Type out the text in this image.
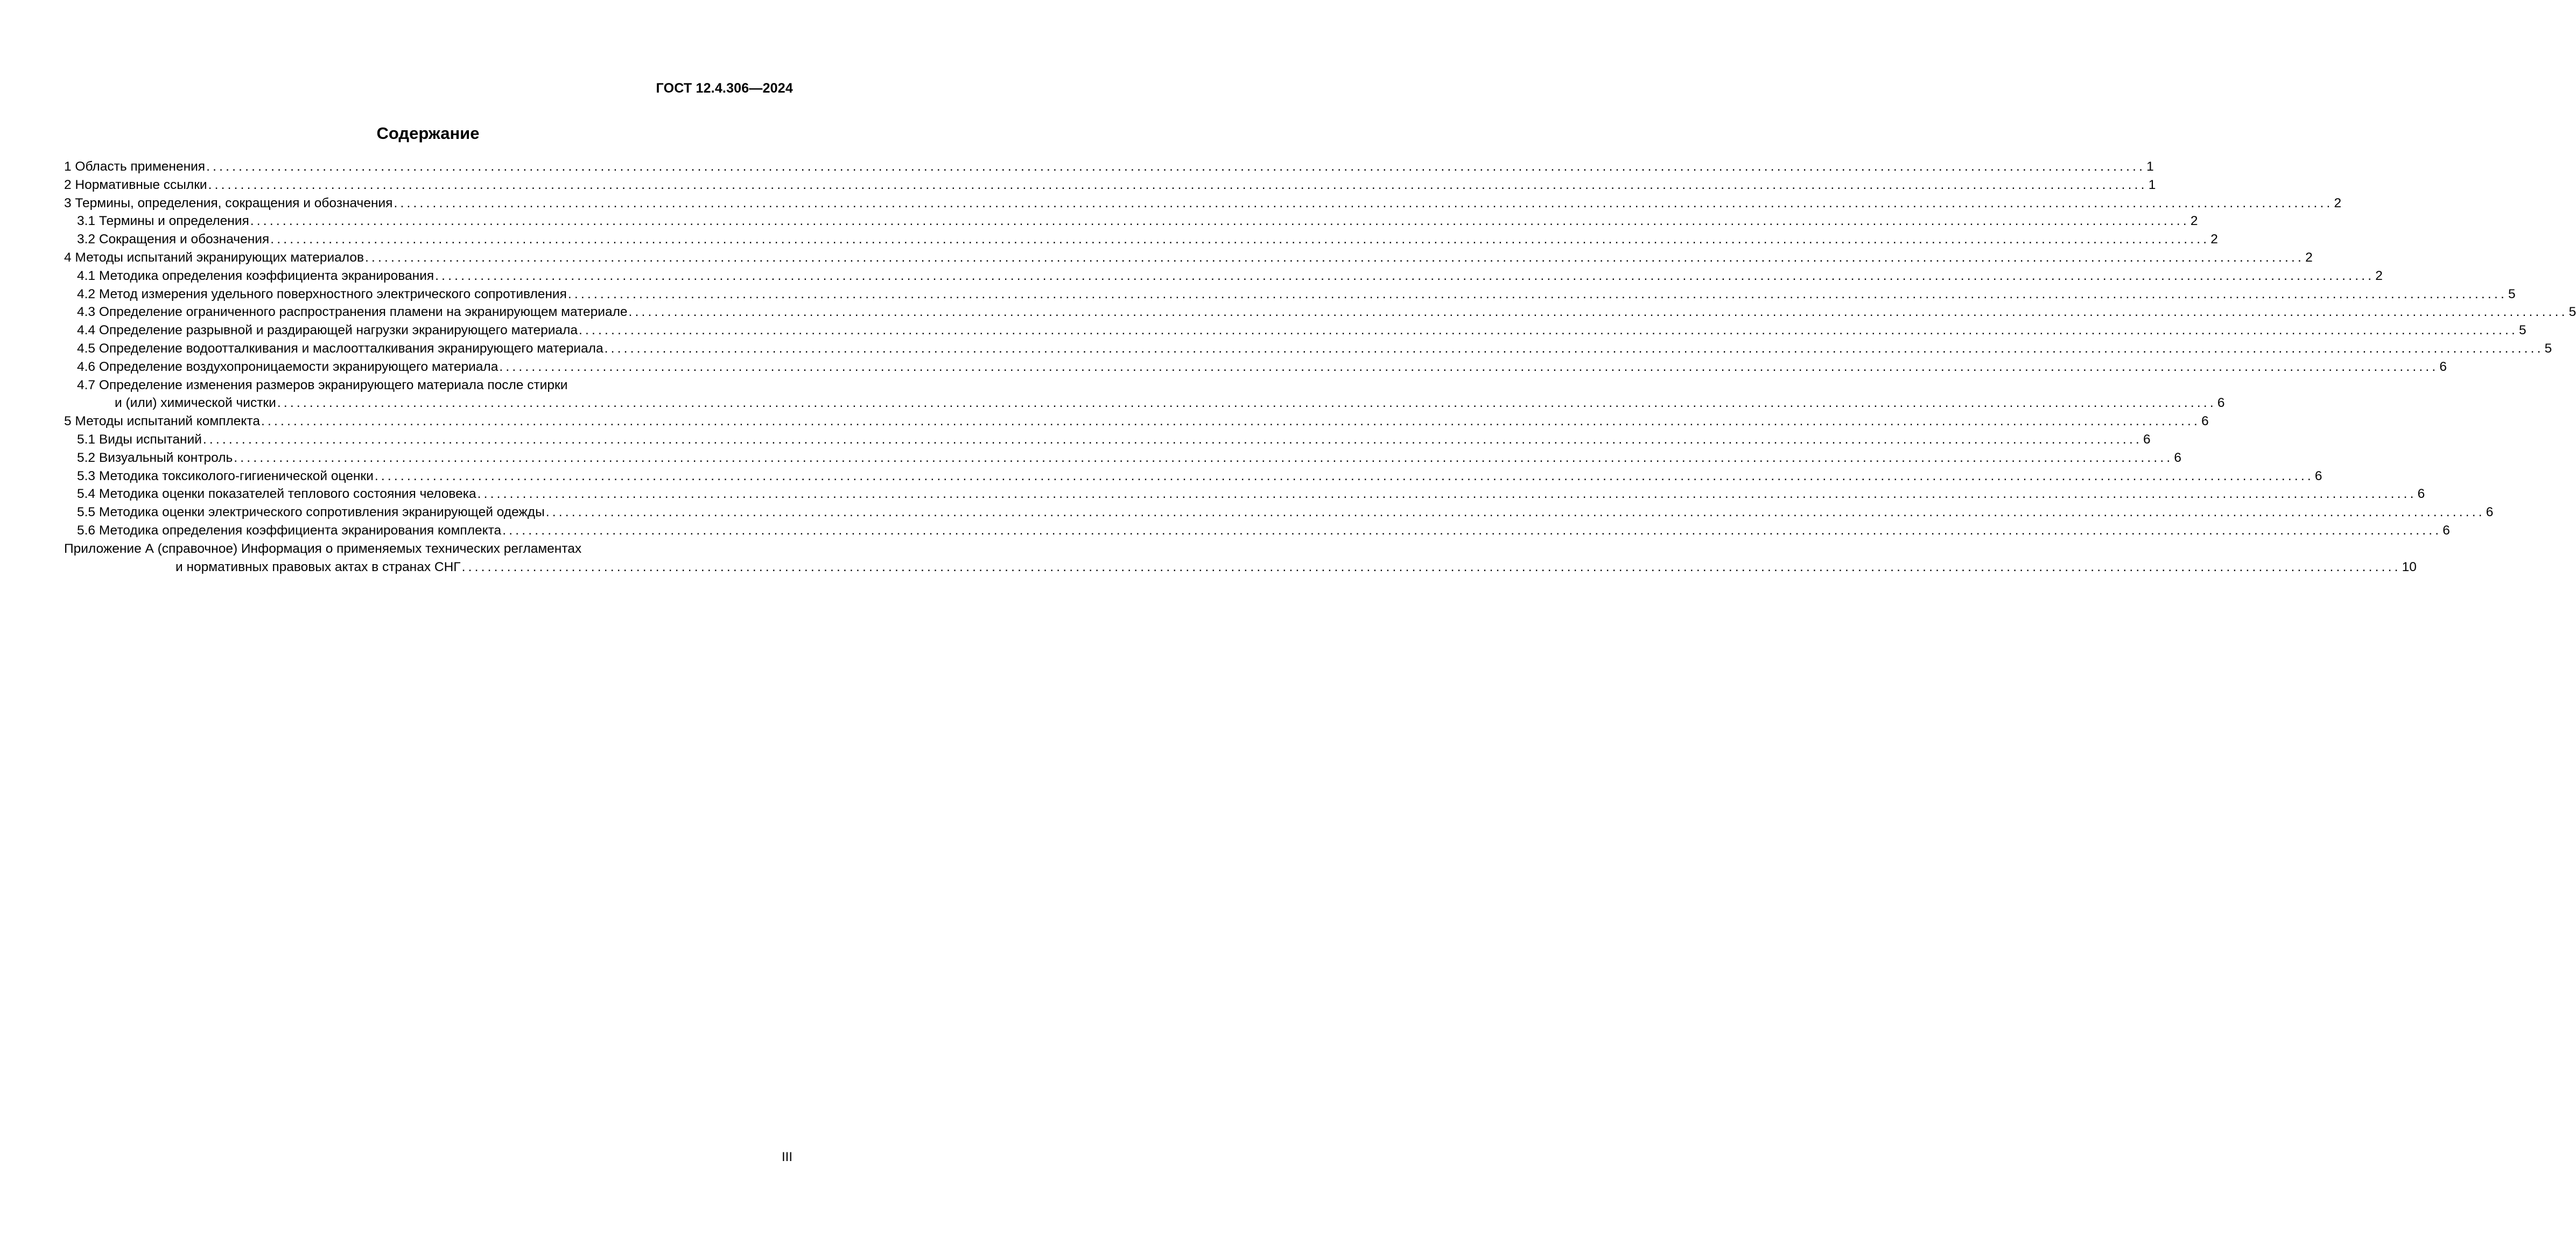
ГОСТ 12.4.306—2024
Содержание
1 Область применения ............................................................................................................................................................................................................................................................................................................ 1
2 Нормативные ссылки ............................................................................................................................................................................................................................................................................................................ 1
3 Термины, определения, сокращения и обозначения ............................................................................................................................................................................................................................................................................................................ 2
3.1 Термины и определения ............................................................................................................................................................................................................................................................................................................ 2
3.2 Сокращения и обозначения ............................................................................................................................................................................................................................................................................................................ 2
4 Методы испытаний экранирующих материалов ............................................................................................................................................................................................................................................................................................................ 2
4.1 Методика определения коэффициента экранирования ............................................................................................................................................................................................................................................................................................................ 2
4.2 Метод измерения удельного поверхностного электрического сопротивления ............................................................................................................................................................................................................................................................................................................ 5
4.3 Определение ограниченного распространения пламени на экранирующем материале ............................................................................................................................................................................................................................................................................................................ 5
4.4 Определение разрывной и раздирающей нагрузки экранирующего материала ............................................................................................................................................................................................................................................................................................................ 5
4.5 Определение водоотталкивания и маслоотталкивания экранирующего материала ............................................................................................................................................................................................................................................................................................................ 5
4.6 Определение воздухопроницаемости экранирующего материала ............................................................................................................................................................................................................................................................................................................ 6
4.7 Определение изменения размеров экранирующего материала после стирки
и (или) химической чистки ............................................................................................................................................................................................................................................................................................................ 6
5 Методы испытаний комплекта ............................................................................................................................................................................................................................................................................................................ 6
5.1 Виды испытаний ............................................................................................................................................................................................................................................................................................................ 6
5.2 Визуальный контроль ............................................................................................................................................................................................................................................................................................................ 6
5.3 Методика токсиколого-гигиенической оценки ............................................................................................................................................................................................................................................................................................................ 6
5.4 Методика оценки показателей теплового состояния человека ............................................................................................................................................................................................................................................................................................................ 6
5.5 Методика оценки электрического сопротивления экранирующей одежды ............................................................................................................................................................................................................................................................................................................ 6
5.6 Методика определения коэффициента экранирования комплекта ............................................................................................................................................................................................................................................................................................................ 6
Приложение А (справочное) Информация о применяемых технических регламентах
и нормативных правовых актах в странах СНГ ............................................................................................................................................................................................................................................................................................................ 10
III
